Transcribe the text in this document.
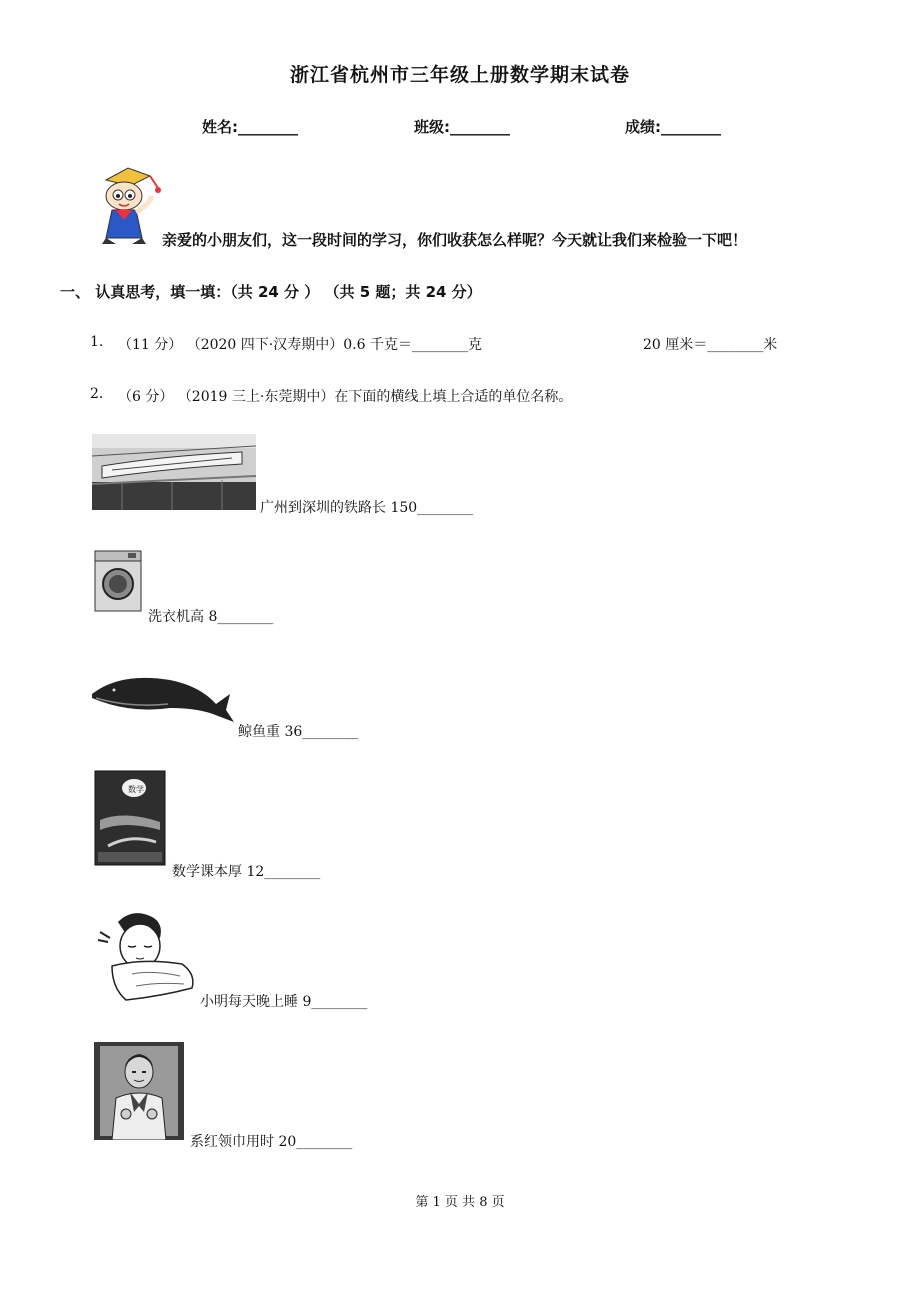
浙江省杭州市三年级上册数学期末试卷
姓名:________	班级:________	成绩:________
亲爱的小朋友们，这一段时间的学习，你们收获怎么样呢？今天就让我们来检验一下吧！
一、 认真思考，填一填：（共 24 分 ） （共 5 题；共 24 分）
1. （11 分） （2020 四下·汉寿期中）0.6 千克＝________克	20 厘米＝________米
2. （6 分） （2019 三上·东莞期中）在下面的横线上填上合适的单位名称。
广州到深圳的铁路长 150________
洗衣机高 8________
鲸鱼重 36________
数学
数学课本厚 12________
小明每天晚上睡 9________
系红领巾用时 20________
第 1 页 共 8 页
